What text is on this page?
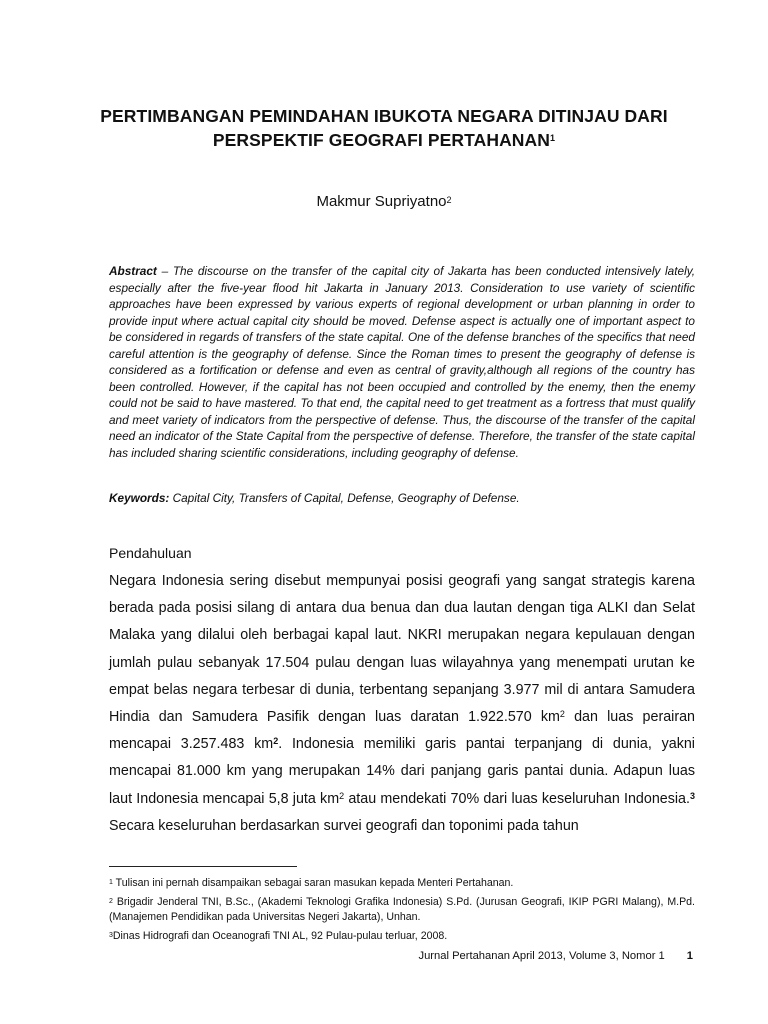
PERTIMBANGAN PEMINDAHAN IBUKOTA NEGARA DITINJAU DARI
PERSPEKTIF GEOGRAFI PERTAHANAN$^1$
Makmur Supriyatno$^2$
Abstract – The discourse on the transfer of the capital city of Jakarta has been conducted intensively lately, especially after the five-year flood hit Jakarta in January 2013. Consideration to use variety of scientific approaches have been expressed by various experts of regional development or urban planning in order to provide input where actual capital city should be moved. Defense aspect is actually one of important aspect to be considered in regards of transfers of the state capital. One of the defense branches of the specifics that need careful attention is the geography of defense. Since the Roman times to present the geography of defense is considered as a fortification or defense and even as central of gravity,although all regions of the country has been controlled. However, if the capital has not been occupied and controlled by the enemy, then the enemy could not be said to have mastered. To that end, the capital need to get treatment as a fortress that must qualify and meet variety of indicators from the perspective of defense. Thus, the discourse of the transfer of the capital need an indicator of the State Capital from the perspective of defense. Therefore, the transfer of the state capital has included sharing scientific considerations, including geography of defense.
Keywords: Capital City, Transfers of Capital, Defense, Geography of Defense.
Pendahuluan
Negara Indonesia sering disebut mempunyai posisi geografi yang sangat strategis karena berada pada posisi silang di antara dua benua dan dua lautan dengan tiga ALKI dan Selat Malaka yang dilalui oleh berbagai kapal laut. NKRI merupakan negara kepulauan dengan jumlah pulau sebanyak 17.504 pulau dengan luas wilayahnya yang menempati urutan ke empat belas negara terbesar di dunia, terbentang sepanjang 3.977 mil di antara Samudera Hindia dan Samudera Pasifik dengan luas daratan 1.922.570 $km^2$ dan luas perairan mencapai 3.257.483 $km^2$. Indonesia memiliki garis pantai terpanjang di dunia, yakni mencapai 81.000 km yang merupakan 14% dari panjang garis pantai dunia. Adapun luas laut Indonesia mencapai 5,8 juta $km^2$ atau mendekati 70% dari luas keseluruhan Indonesia.$^3$ Secara keseluruhan berdasarkan survei geografi dan toponimi pada tahun

$^1$ Tulisan ini pernah disampaikan sebagai saran masukan kepada Menteri Pertahanan.

$^2$ Brigadir Jenderal TNI, B.Sc., (Akademi Teknologi Grafika Indonesia) S.Pd. (Jurusan Geografi, IKIP PGRI Malang), M.Pd. (Manajemen Pendidikan pada Universitas Negeri Jakarta), Unhan.

$^3$Dinas Hidrografi dan Oceanografi TNI AL, 92 Pulau-pulau terluar, 2008.

Jurnal Pertahanan April 2013, Volume 3, Nomor 1 1
